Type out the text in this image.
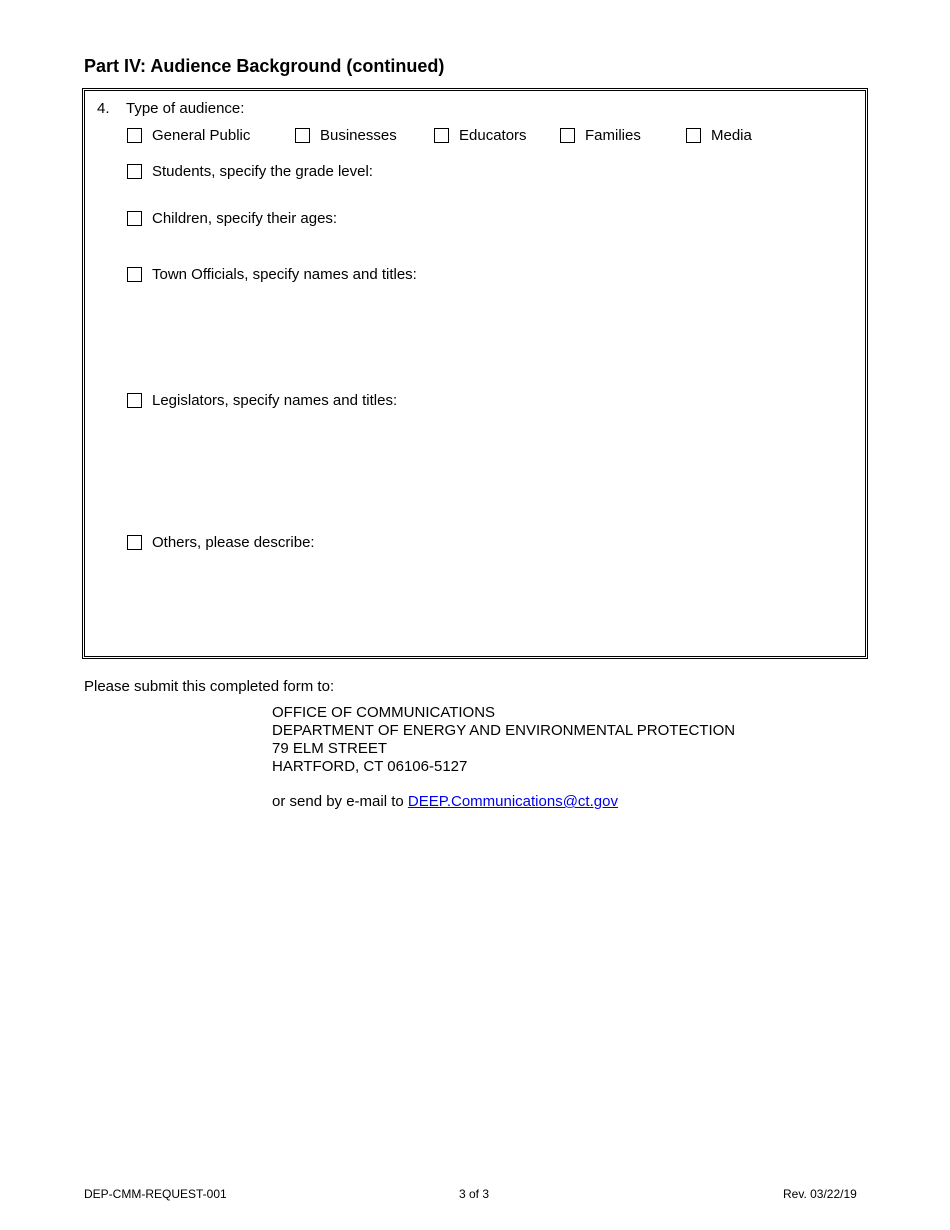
Part IV: Audience Background (continued)
4. Type of audience:
General Public	Businesses	Educators	Families	Media
Students, specify the grade level:
Children, specify their ages:
Town Officials, specify names and titles:
Legislators, specify names and titles:
Others, please describe:
Please submit this completed form to:
OFFICE OF COMMUNICATIONS
DEPARTMENT OF ENERGY AND ENVIRONMENTAL PROTECTION
79 ELM STREET
HARTFORD, CT 06106-5127
or send by e-mail to DEEP.Communications@ct.gov
DEP-CMM-REQUEST-001	3 of 3	Rev. 03/22/19
